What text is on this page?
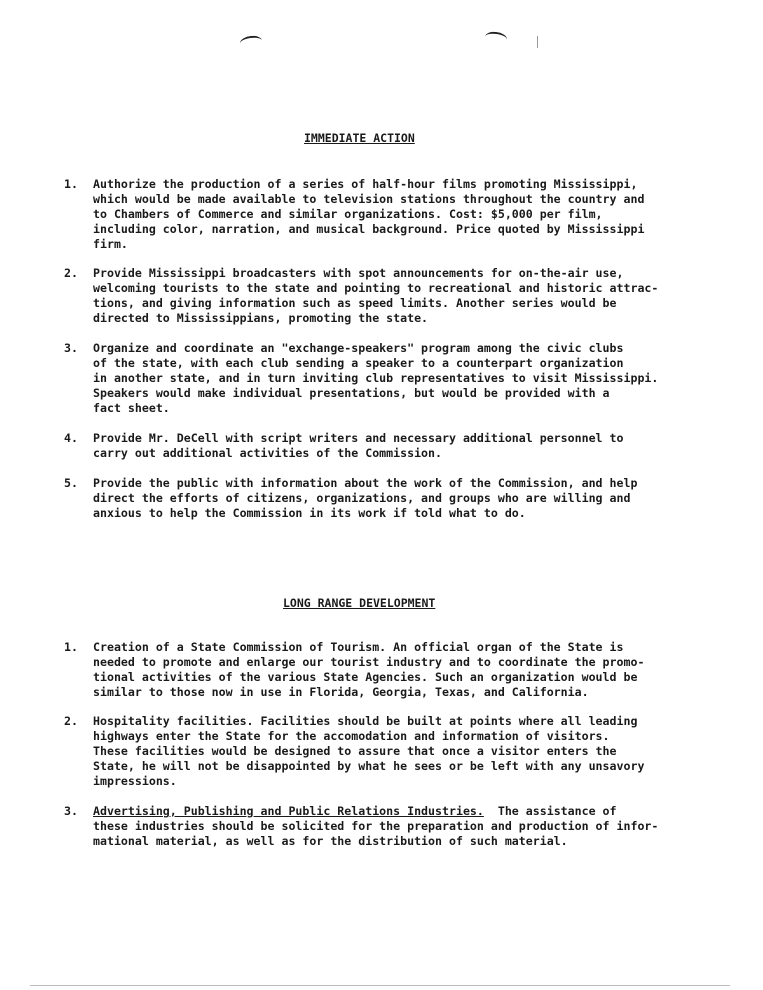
IMMEDIATE ACTION
1.	Authorize the production of a series of half-hour films promoting Mississippi,
which would be made available to television stations throughout the country and
to Chambers of Commerce and similar organizations. Cost: $5,000 per film,
including color, narration, and musical background. Price quoted by Mississippi
firm.
2.	Provide Mississippi broadcasters with spot announcements for on-the-air use,
welcoming tourists to the state and pointing to recreational and historic attrac-
tions, and giving information such as speed limits. Another series would be
directed to Mississippians, promoting the state.
3.	Organize and coordinate an "exchange-speakers" program among the civic clubs
of the state, with each club sending a speaker to a counterpart organization
in another state, and in turn inviting club representatives to visit Mississippi.
Speakers would make individual presentations, but would be provided with a
fact sheet.
4.	Provide Mr. DeCell with script writers and necessary additional personnel to
carry out additional activities of the Commission.
5.	Provide the public with information about the work of the Commission, and help
direct the efforts of citizens, organizations, and groups who are willing and
anxious to help the Commission in its work if told what to do.
LONG RANGE DEVELOPMENT
1.	Creation of a State Commission of Tourism. An official organ of the State is
needed to promote and enlarge our tourist industry and to coordinate the promo-
tional activities of the various State Agencies. Such an organization would be
similar to those now in use in Florida, Georgia, Texas, and California.
2.	Hospitality facilities. Facilities should be built at points where all leading
highways enter the State for the accomodation and information of visitors.
These facilities would be designed to assure that once a visitor enters the
State, he will not be disappointed by what he sees or be left with any unsavory
impressions.
3.	Advertising, Publishing and Public Relations Industries.  The assistance of
these industries should be solicited for the preparation and production of infor-
mational material, as well as for the distribution of such material.
